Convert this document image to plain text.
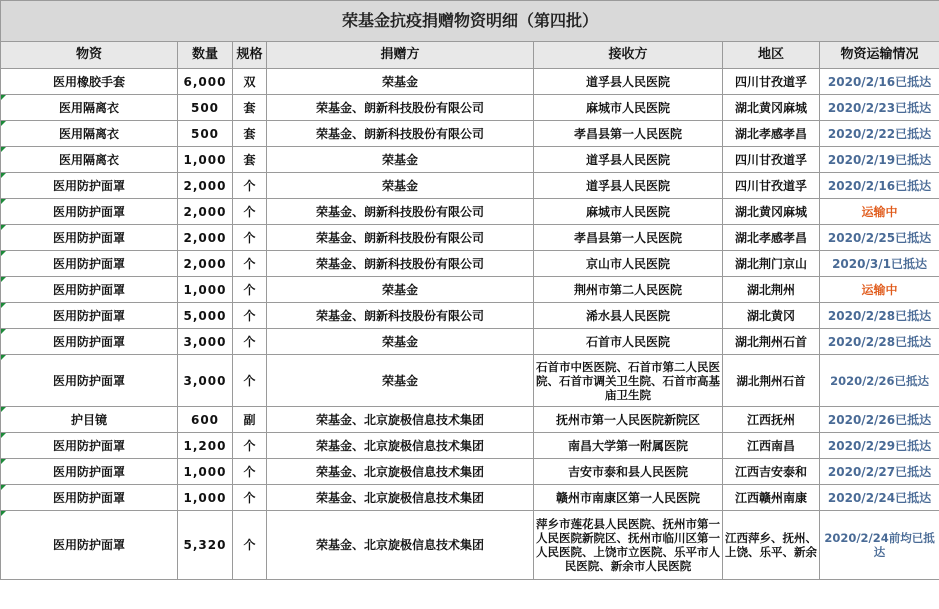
荣基金抗疫捐赠物资明细（第四批）						
物资	数量	规格	捐赠方	接收方	地区	物资运输情况
医用橡胶手套	6,000	双	荣基金	道孚县人民医院	四川甘孜道孚	2020/2/16已抵达

医用隔离衣	500	套	荣基金、朗新科技股份有限公司	麻城市人民医院	湖北黄冈麻城	2020/2/23已抵达

医用隔离衣	500	套	荣基金、朗新科技股份有限公司	孝昌县第一人民医院	湖北孝感孝昌	2020/2/22已抵达

医用隔离衣	1,000	套	荣基金	道孚县人民医院	四川甘孜道孚	2020/2/19已抵达

医用防护面罩	2,000	个	荣基金	道孚县人民医院	四川甘孜道孚	2020/2/16已抵达

医用防护面罩	2,000	个	荣基金、朗新科技股份有限公司	麻城市人民医院	湖北黄冈麻城	运输中

医用防护面罩	2,000	个	荣基金、朗新科技股份有限公司	孝昌县第一人民医院	湖北孝感孝昌	2020/2/25已抵达

医用防护面罩	2,000	个	荣基金、朗新科技股份有限公司	京山市人民医院	湖北荆门京山	2020/3/1已抵达

医用防护面罩	1,000	个	荣基金	荆州市第二人民医院	湖北荆州	运输中

医用防护面罩	5,000	个	荣基金、朗新科技股份有限公司	浠水县人民医院	湖北黄冈	2020/2/28已抵达

医用防护面罩	3,000	个	荣基金	石首市人民医院	湖北荆州石首	2020/2/28已抵达

医用防护面罩	3,000	个	荣基金	石首市中医医院、石首市第二人民医院、石首市调关卫生院、石首市高基庙卫生院	湖北荆州石首	2020/2/26已抵达

护目镜	600	副	荣基金、北京旋极信息技术集团	抚州市第一人民医院新院区	江西抚州	2020/2/26已抵达

医用防护面罩	1,200	个	荣基金、北京旋极信息技术集团	南昌大学第一附属医院	江西南昌	2020/2/29已抵达

医用防护面罩	1,000	个	荣基金、北京旋极信息技术集团	吉安市泰和县人民医院	江西吉安泰和	2020/2/27已抵达

医用防护面罩	1,000	个	荣基金、北京旋极信息技术集团	赣州市南康区第一人民医院	江西赣州南康	2020/2/24已抵达

医用防护面罩	5,320	个	荣基金、北京旋极信息技术集团	萍乡市莲花县人民医院、抚州市第一人民医院新院区、抚州市临川区第一人民医院、上饶市立医院、乐平市人民医院、新余市人民医院	江西萍乡、抚州、上饶、乐平、新余	2020/2/24前均已抵达
